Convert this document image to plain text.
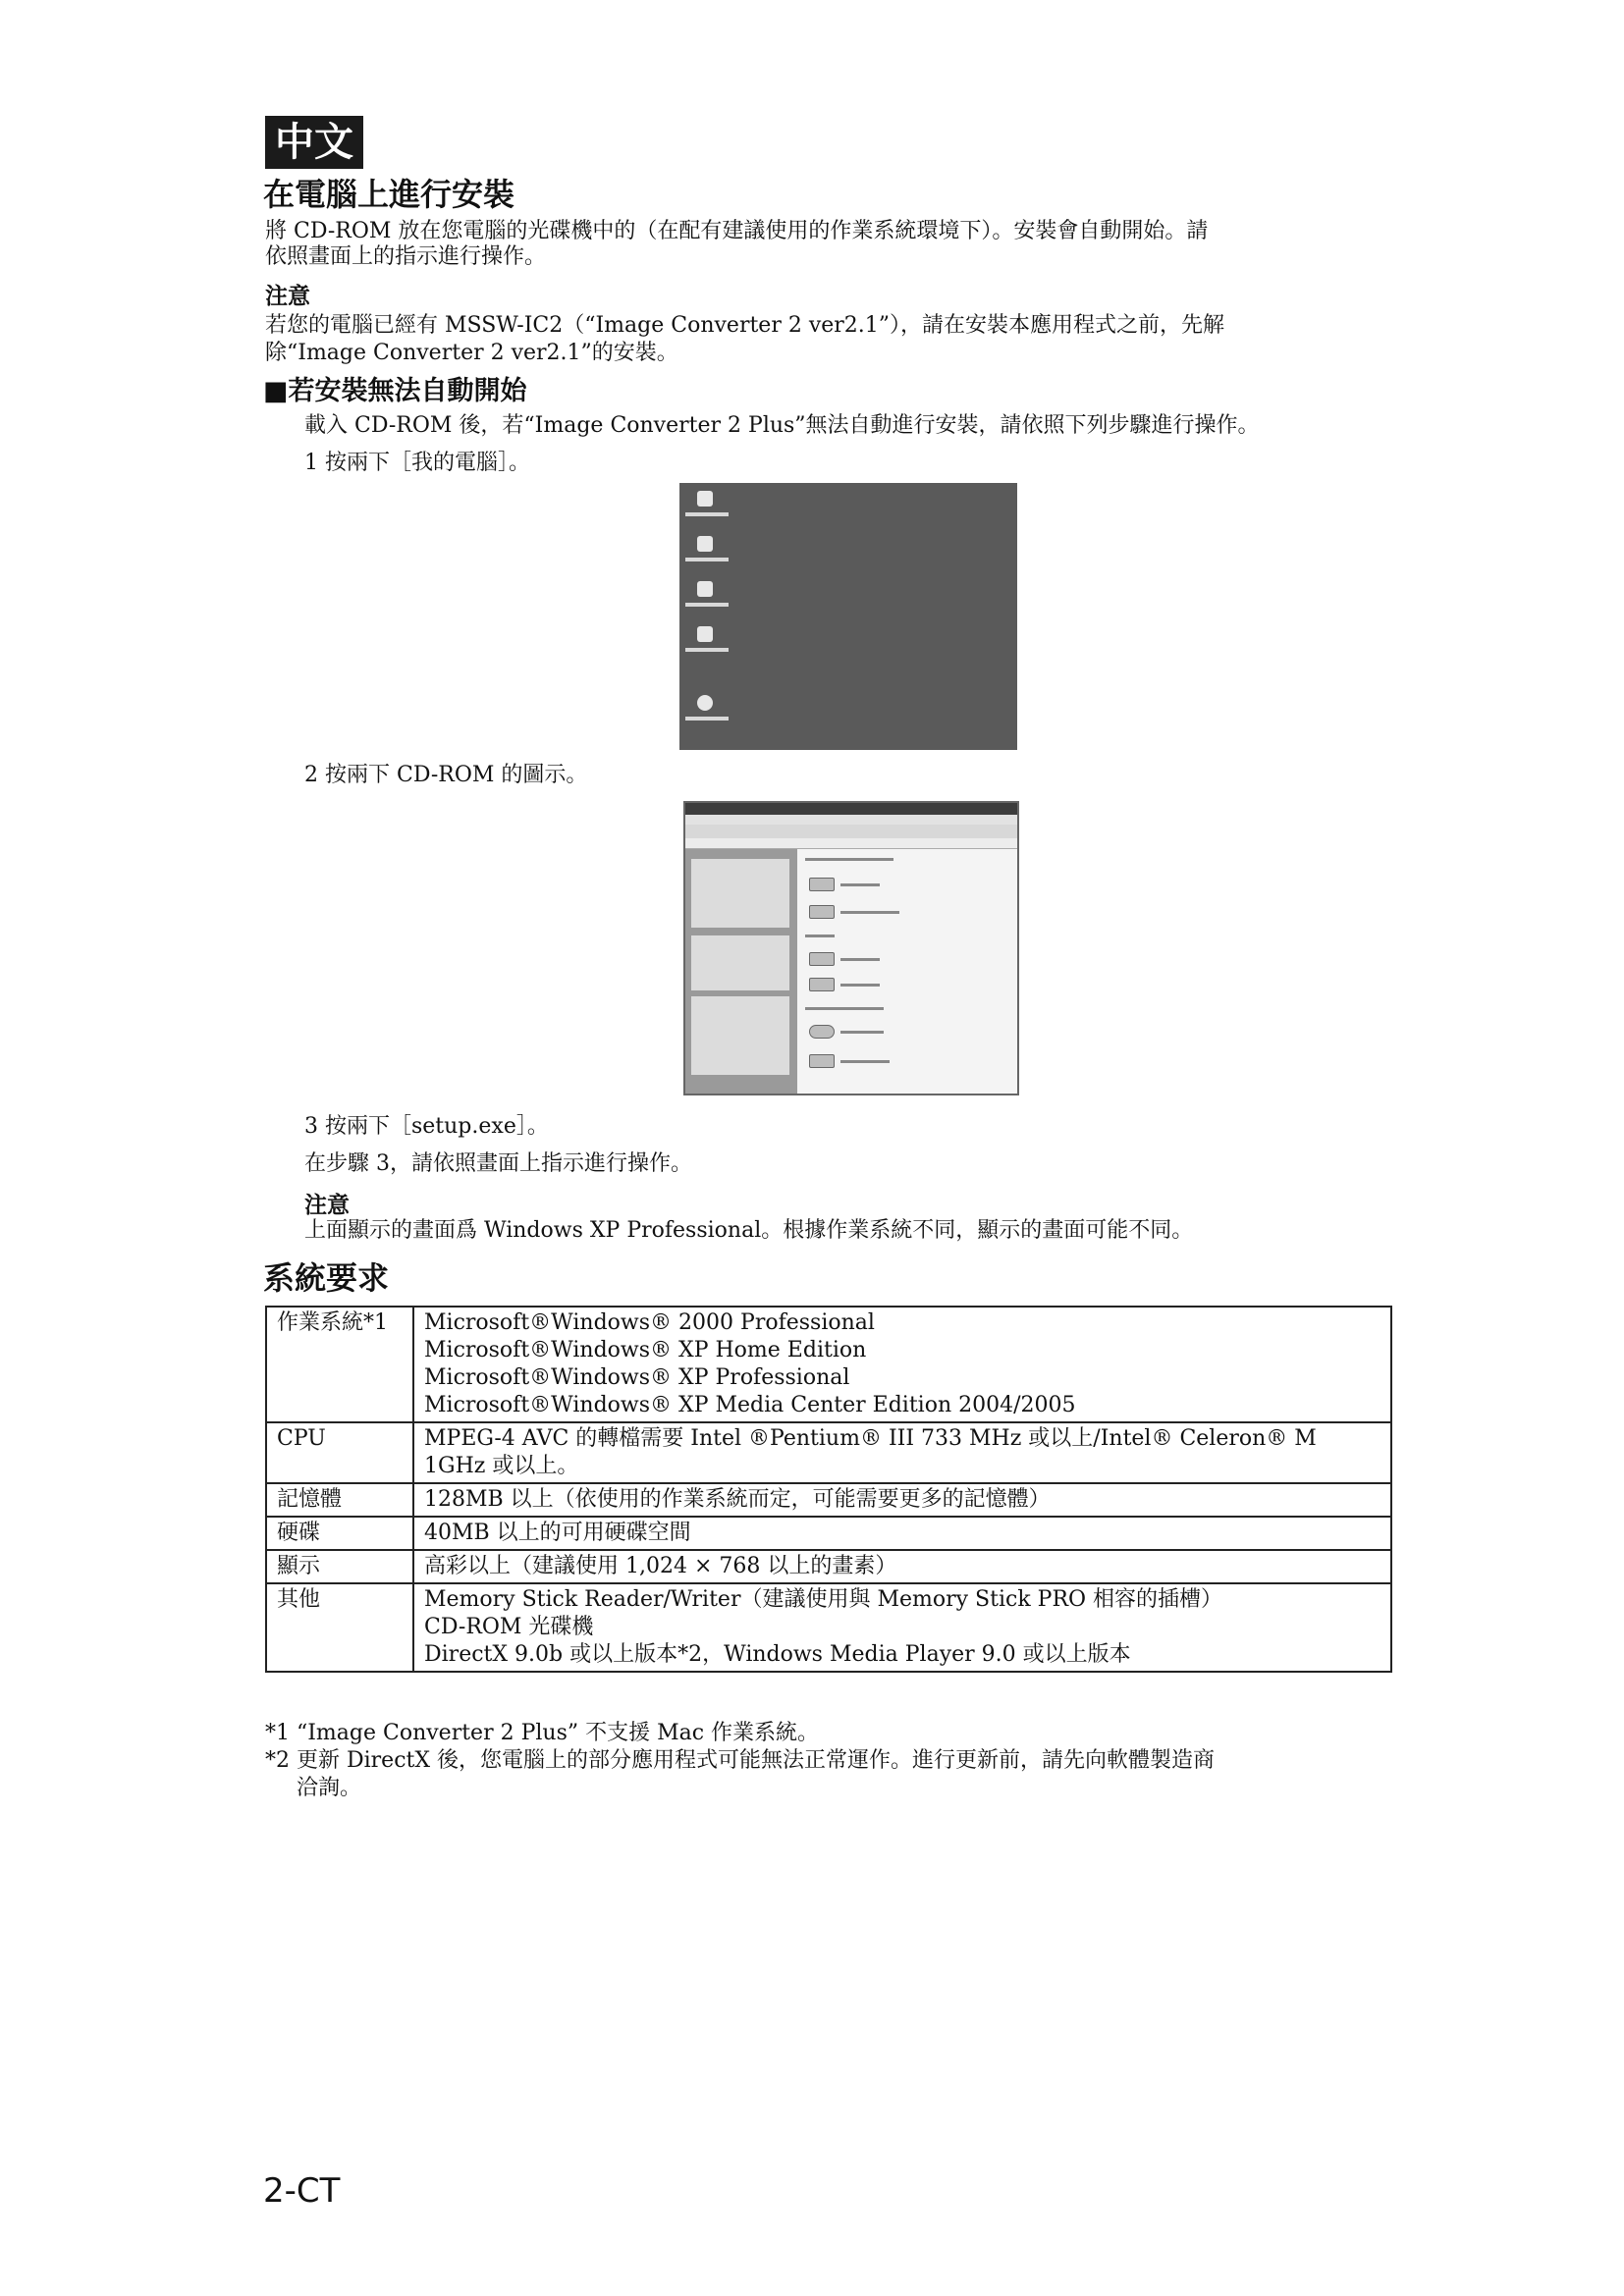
中文
在電腦上進行安裝
將 CD-ROM 放在您電腦的光碟機中的（在配有建議使用的作業系統環境下）。安裝會自動開始。請
依照畫面上的指示進行操作。
注意
若您的電腦已經有 MSSW-IC2（“Image Converter 2 ver2.1”），請在安裝本應用程式之前，先解
除“Image Converter 2 ver2.1”的安裝。
■若安裝無法自動開始
載入 CD-ROM 後，若“Image Converter 2 Plus”無法自動進行安裝，請依照下列步驟進行操作。
1 按兩下［我的電腦］。
2 按兩下 CD-ROM 的圖示。
3 按兩下［setup.exe］。
在步驟 3，請依照畫面上指示進行操作。
注意
上面顯示的畫面爲 Windows XP Professional。根據作業系統不同，顯示的畫面可能不同。
系統要求
作業系統*1	Microsoft®Windows® 2000 Professional
Microsoft®Windows® XP Home Edition
Microsoft®Windows® XP Professional
Microsoft®Windows® XP Media Center Edition 2004/2005

CPU	MPEG-4 AVC 的轉檔需要 Intel ®Pentium® III 733 MHz 或以上/Intel® Celeron® M
1GHz 或以上。

記憶體	128MB 以上（依使用的作業系統而定，可能需要更多的記憶體）

硬碟	40MB 以上的可用硬碟空間

顯示	高彩以上（建議使用 1,024 × 768 以上的畫素）

其他	Memory Stick Reader/Writer（建議使用與 Memory Stick PRO 相容的插槽）
CD-ROM 光碟機
DirectX 9.0b 或以上版本*2，Windows Media Player 9.0 或以上版本
*1 “Image Converter 2 Plus” 不支援 Mac 作業系統。
*2 更新 DirectX 後，您電腦上的部分應用程式可能無法正常運作。進行更新前，請先向軟體製造商
洽詢。
2-CT
